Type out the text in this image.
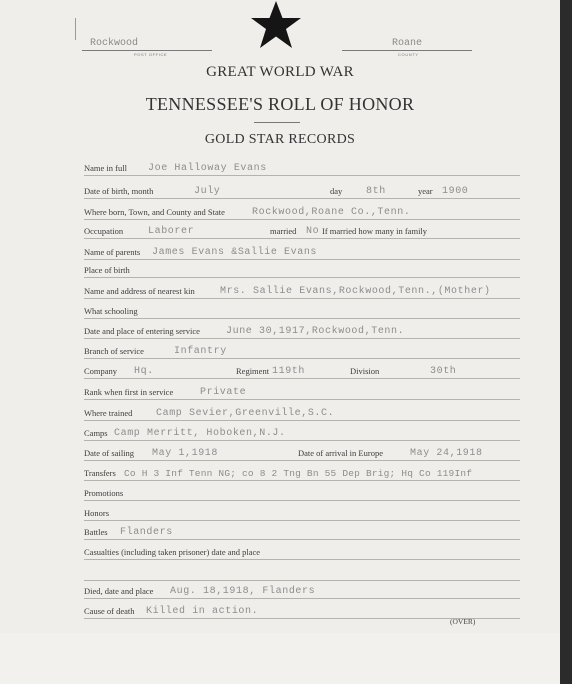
Rockwood
POST OFFICE
Roane
COUNTY
GREAT WORLD WAR
TENNESSEE'S ROLL OF HONOR
GOLD STAR RECORDS
Name in full Joe Halloway Evans
Date of birth, month	July	day 8th	year 1900
Where born, Town, and County and State	Rockwood,Roane Co.,Tenn.
Occupation Laborer	married No If married how many in family
Name of parents James Evans &Sallie Evans
Place of birth
Name and address of nearest kin	Mrs. Sallie Evans,Rockwood,Tenn.,(Mother)
What schooling
Date and place of entering service	June 30,1917,Rockwood,Tenn.
Branch of service	Infantry
Company Hq.	Regiment 119th	Division	30th
Rank when first in service	Private
Where trained Camp Sevier,Greenville,S.C.
Camps Camp Merritt, Hoboken,N.J.
Date of sailing May 1,1918	Date of arrival in Europe	May 24,1918
Transfers Co H 3 Inf Tenn NG; co 8 2 Tng Bn 55 Dep Brig; Hq Co 119Inf
Promotions
Honors
Battles Flanders
Casualties (including taken prisoner) date and place
Died, date and place Aug. 18,1918, Flanders
Cause of death Killed in action.
(OVER)
